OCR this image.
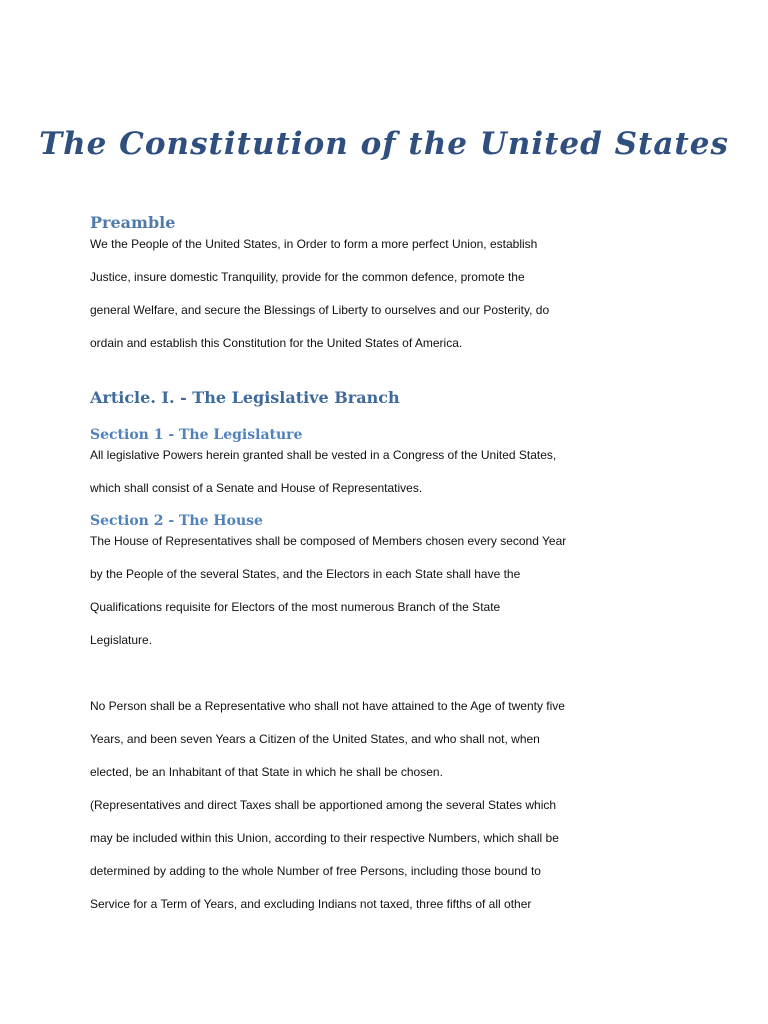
The Constitution of the United States
Preamble
We the People of the United States, in Order to form a more perfect Union, establish
Justice, insure domestic Tranquility, provide for the common defence, promote the
general Welfare, and secure the Blessings of Liberty to ourselves and our Posterity, do
ordain and establish this Constitution for the United States of America.
Article. I. - The Legislative Branch
Section 1 - The Legislature
All legislative Powers herein granted shall be vested in a Congress of the United States,
which shall consist of a Senate and House of Representatives.
Section 2 - The House
The House of Representatives shall be composed of Members chosen every second Year
by the People of the several States, and the Electors in each State shall have the
Qualifications requisite for Electors of the most numerous Branch of the State
Legislature.
No Person shall be a Representative who shall not have attained to the Age of twenty five
Years, and been seven Years a Citizen of the United States, and who shall not, when
elected, be an Inhabitant of that State in which he shall be chosen.
(Representatives and direct Taxes shall be apportioned among the several States which
may be included within this Union, according to their respective Numbers, which shall be
determined by adding to the whole Number of free Persons, including those bound to
Service for a Term of Years, and excluding Indians not taxed, three fifths of all other
